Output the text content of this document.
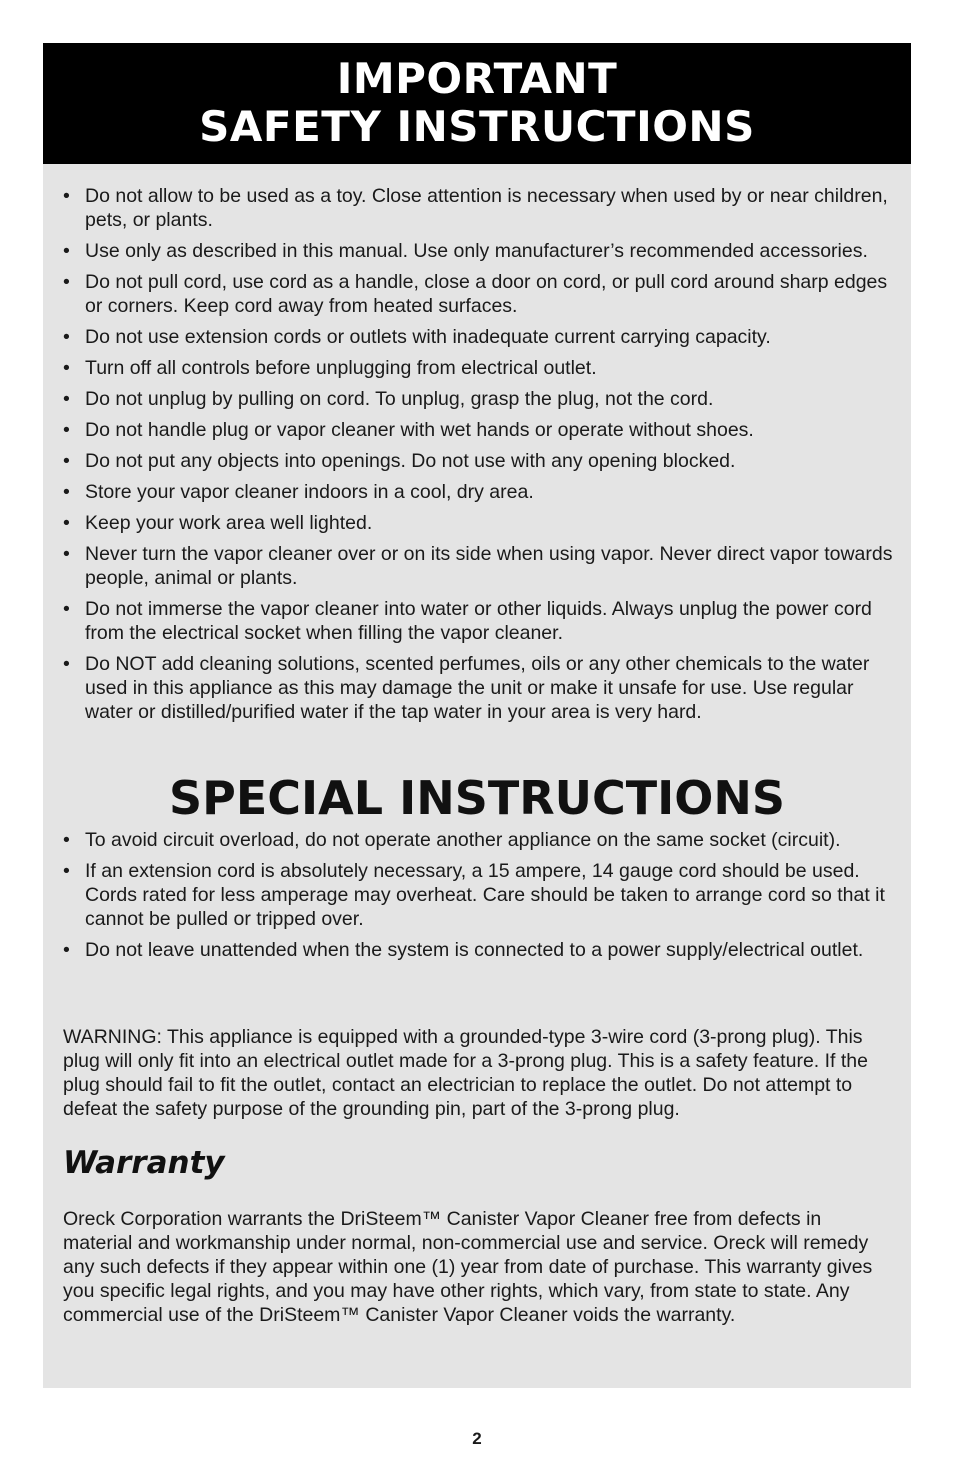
IMPORTANT
SAFETY INSTRUCTIONS
• Do not allow to be used as a toy. Close attention is necessary when used by or near children, pets, or plants.
• Use only as described in this manual. Use only manufacturer’s recommended accessories.
• Do not pull cord, use cord as a handle, close a door on cord, or pull cord around sharp edges or corners. Keep cord away from heated surfaces.
• Do not use extension cords or outlets with inadequate current carrying capacity.
• Turn off all controls before unplugging from electrical outlet.
• Do not unplug by pulling on cord. To unplug, grasp the plug, not the cord.
• Do not handle plug or vapor cleaner with wet hands or operate without shoes.
• Do not put any objects into openings. Do not use with any opening blocked.
• Store your vapor cleaner indoors in a cool, dry area.
• Keep your work area well lighted.
• Never turn the vapor cleaner over or on its side when using vapor. Never direct vapor towards people, animal or plants.
• Do not immerse the vapor cleaner into water or other liquids. Always unplug the power cord from the electrical socket when filling the vapor cleaner.
• Do NOT add cleaning solutions, scented perfumes, oils or any other chemicals to the water used in this appliance as this may damage the unit or make it unsafe for use. Use regular water or distilled/purified water if the tap water in your area is very hard.
SPECIAL INSTRUCTIONS
• To avoid circuit overload, do not operate another appliance on the same socket (circuit).
• If an extension cord is absolutely necessary, a 15 ampere, 14 gauge cord should be used. Cords rated for less amperage may overheat. Care should be taken to arrange cord so that it cannot be pulled or tripped over.
• Do not leave unattended when the system is connected to a power supply/electrical outlet.

WARNING: This appliance is equipped with a grounded-type 3-wire cord (3-prong plug). This plug will only fit into an electrical outlet made for a 3-prong plug. This is a safety feature. If the plug should fail to fit the outlet, contact an electrician to replace the outlet. Do not attempt to defeat the safety purpose of the grounding pin, part of the 3-prong plug.

Warranty

Oreck Corporation warrants the DriSteem™ Canister Vapor Cleaner free from defects in material and workmanship under normal, non-commercial use and service. Oreck will remedy any such defects if they appear within one (1) year from date of purchase. This warranty gives you specific legal rights, and you may have other rights, which vary, from state to state. Any commercial use of the DriSteem™ Canister Vapor Cleaner voids the warranty.

2
